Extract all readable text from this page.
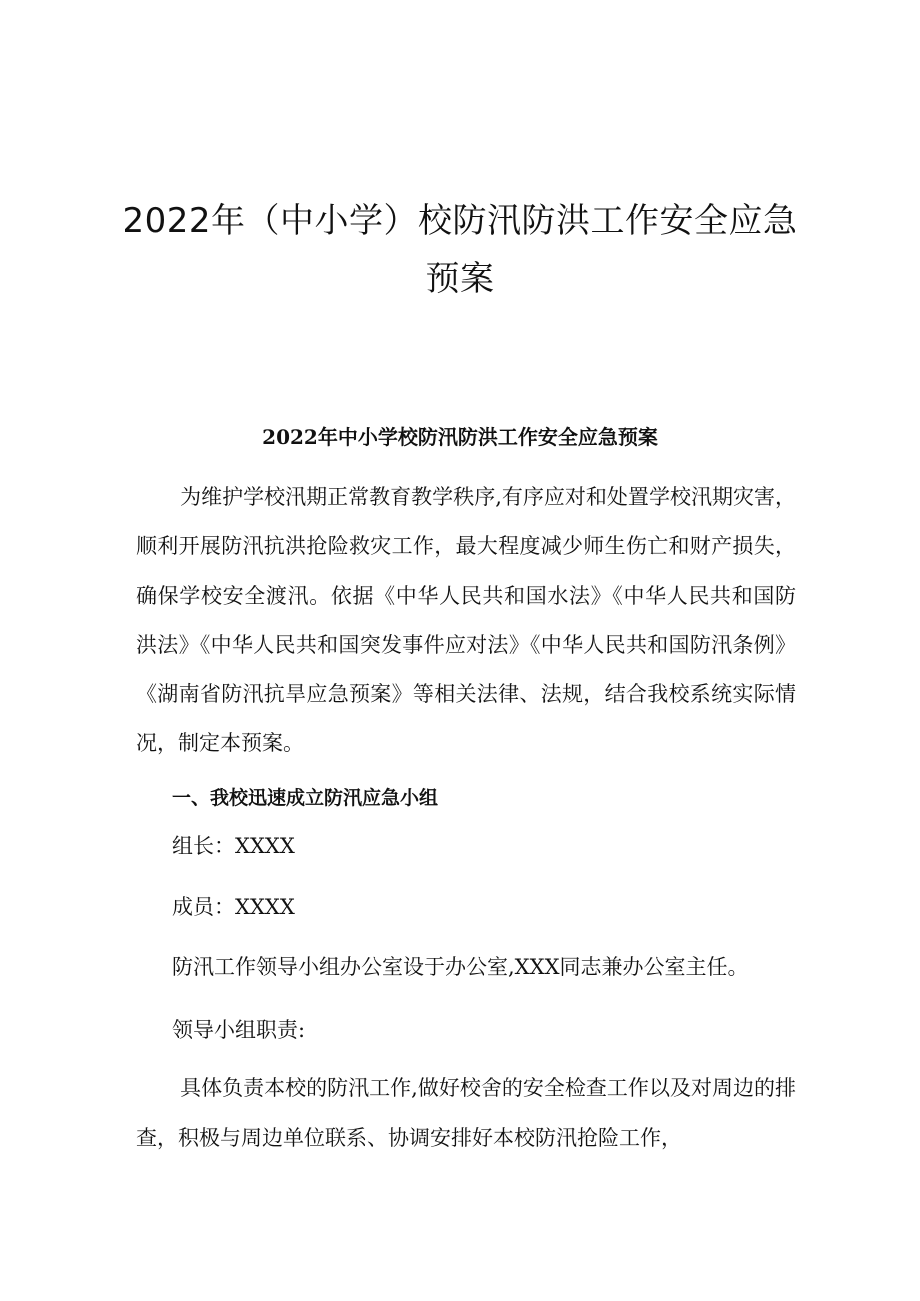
2022年（中小学）校防汛防洪工作安全应急预案
2022年中小学校防汛防洪工作安全应急预案

为维护学校汛期正常教育教学秩序,有序应对和处置学校汛期灾害，顺利开展防汛抗洪抢险救灾工作，最大程度减少师生伤亡和财产损失，确保学校安全渡汛。依据《中华人民共和国水法》《中华人民共和国防洪法》《中华人民共和国突发事件应对法》《中华人民共和国防汛条例》《湖南省防汛抗旱应急预案》等相关法律、法规，结合我校系统实际情况，制定本预案。

一、我校迅速成立防汛应急小组

组长：XXXX

成员：XXXX

防汛工作领导小组办公室设于办公室,XXX同志兼办公室主任。

领导小组职责:

具体负责本校的防汛工作,做好校舍的安全检查工作以及对周边的排查，积极与周边单位联系、协调安排好本校防汛抢险工作，
